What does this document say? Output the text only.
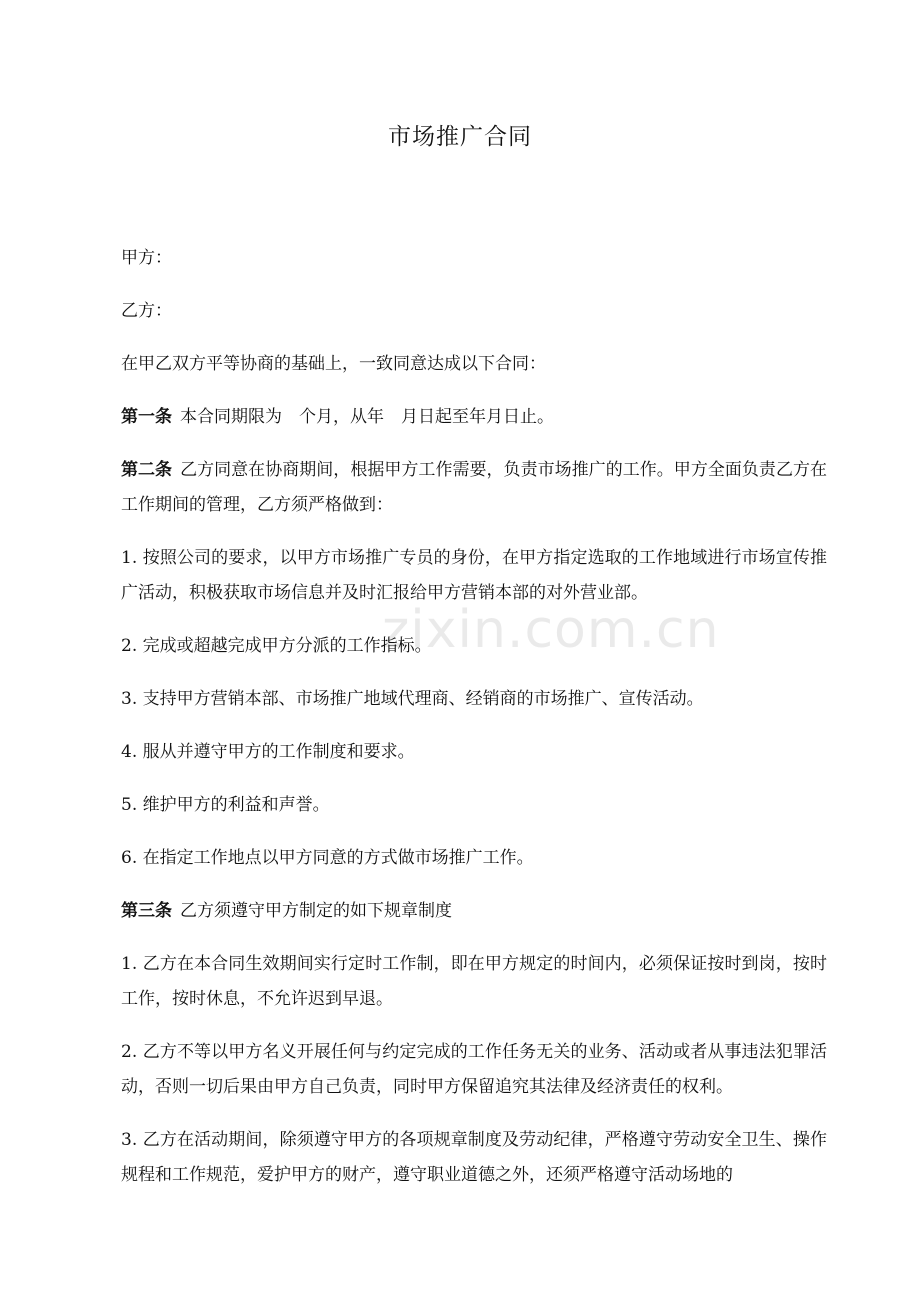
zixin.com.cn
市场推广合同

甲方：

乙方：

在甲乙双方平等协商的基础上，一致同意达成以下合同：

第一条 本合同期限为　个月，从年　月日起至年月日止。

第二条 乙方同意在协商期间，根据甲方工作需要，负责市场推广的工作。甲方全面负责乙方在工作期间的管理，乙方须严格做到：

1. 按照公司的要求，以甲方市场推广专员的身份，在甲方指定选取的工作地域进行市场宣传推广活动，积极获取市场信息并及时汇报给甲方营销本部的对外营业部。

2. 完成或超越完成甲方分派的工作指标。

3. 支持甲方营销本部、市场推广地域代理商、经销商的市场推广、宣传活动。

4. 服从并遵守甲方的工作制度和要求。

5. 维护甲方的利益和声誉。

6. 在指定工作地点以甲方同意的方式做市场推广工作。

第三条 乙方须遵守甲方制定的如下规章制度

1. 乙方在本合同生效期间实行定时工作制，即在甲方规定的时间内，必须保证按时到岗，按时工作，按时休息，不允许迟到早退。

2. 乙方不等以甲方名义开展任何与约定完成的工作任务无关的业务、活动或者从事违法犯罪活动，否则一切后果由甲方自己负责，同时甲方保留追究其法律及经济责任的权利。

3. 乙方在活动期间，除须遵守甲方的各项规章制度及劳动纪律，严格遵守劳动安全卫生、操作规程和工作规范，爱护甲方的财产，遵守职业道德之外，还须严格遵守活动场地的
